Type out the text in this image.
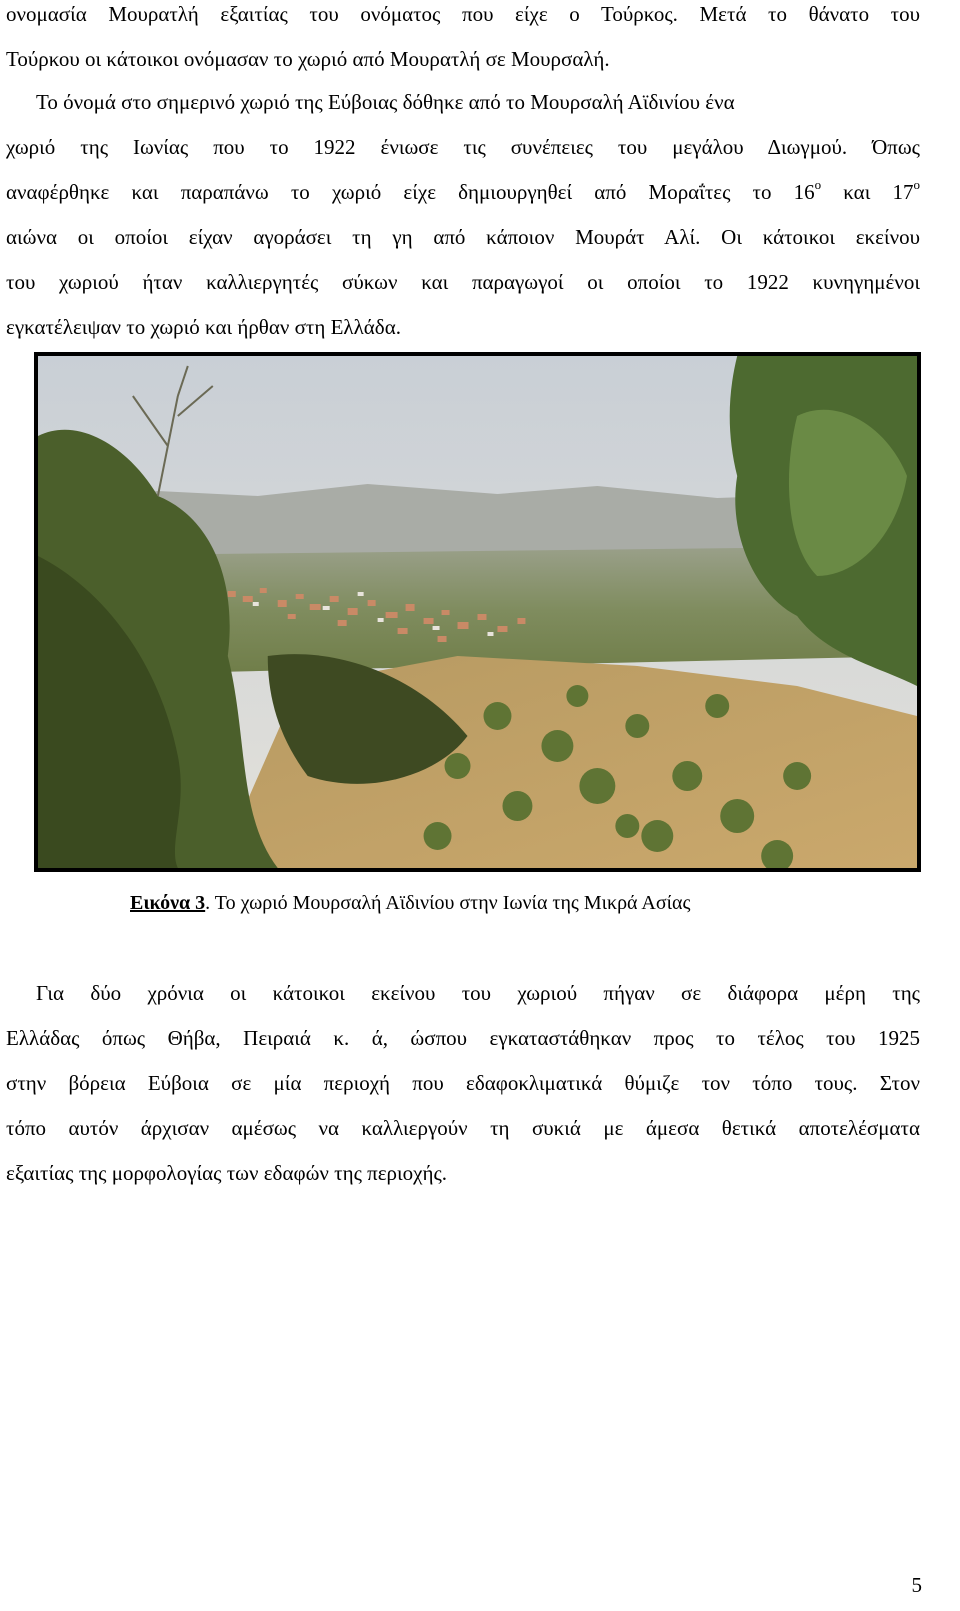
ονομασία Μουρατλή εξαιτίας του ονόματος που είχε ο Τούρκος. Μετά το θάνατο του
Τούρκου οι κάτοικοι ονόμασαν το χωριό από Μουρατλή σε Μουρσαλή.
Το όνομά στο σημερινό χωριό της Εύβοιας δόθηκε από το Μουρσαλή Αϊδινίου ένα
χωριό της Ιωνίας που το 1922 ένιωσε τις συνέπειες του μεγάλου Διωγμού. Όπως
αναφέρθηκε και παραπάνω το χωριό είχε δημιουργηθεί από Μοραΐτες το $16^o$ και $17^o$
αιώνα οι οποίοι είχαν αγοράσει τη γη από κάποιον Μουράτ Αλί. Οι κάτοικοι εκείνου
του χωριού ήταν καλλιεργητές σύκων και παραγωγοί οι οποίοι το 1922 κυνηγημένοι
εγκατέλειψαν το χωριό και ήρθαν στη Ελλάδα.
Εικόνα 3. Το χωριό Μουρσαλή Αϊδινίου στην Ιωνία της Μικρά Ασίας
Για δύο χρόνια οι κάτοικοι εκείνου του χωριού πήγαν σε διάφορα μέρη της
Ελλάδας όπως Θήβα, Πειραιά κ. ά, ώσπου εγκαταστάθηκαν προς το τέλος του 1925
στην βόρεια Εύβοια σε μία περιοχή που εδαφοκλιματικά θύμιζε τον τόπο τους. Στον
τόπο αυτόν άρχισαν αμέσως να καλλιεργούν τη συκιά με άμεσα θετικά αποτελέσματα
εξαιτίας της μορφολογίας των εδαφών της περιοχής.
5
